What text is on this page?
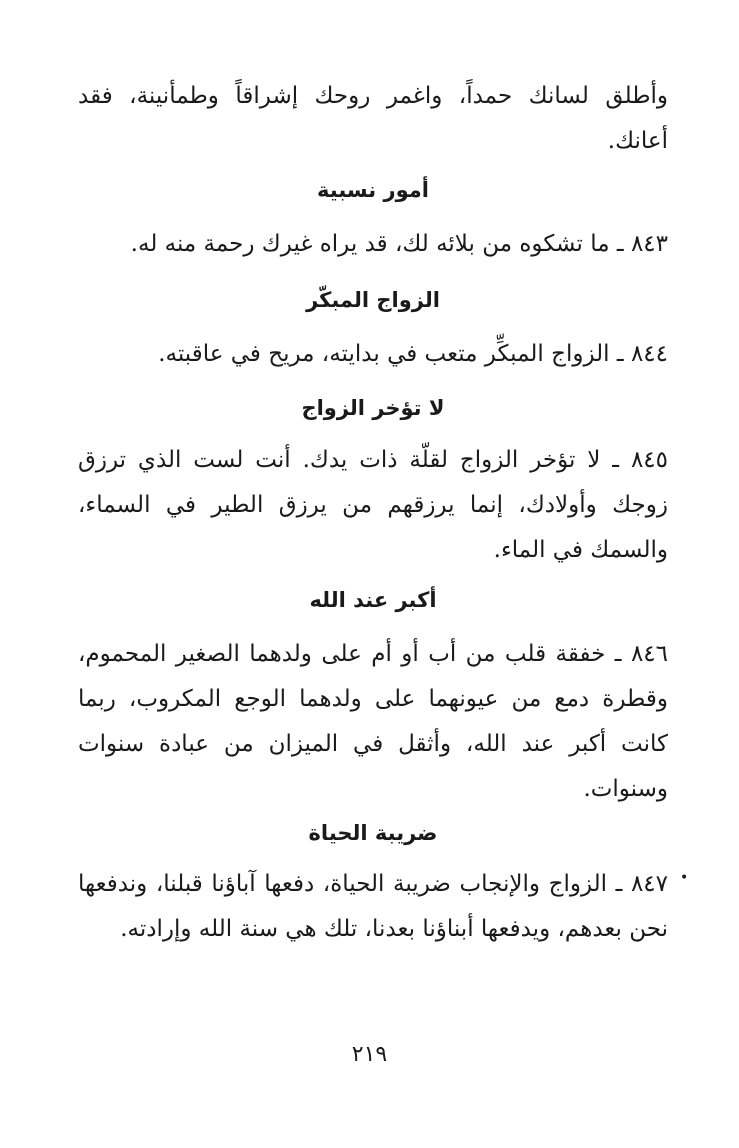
وأطلق لسانك حمداً، واغمر روحك إشراقاً وطمأنينة، فقد أعانك.
أمور نسبية
٨٤٣ ـ ما تشكوه من بلائه لك، قد يراه غيرك رحمة منه له.
الزواج المبكّر
٨٤٤ ـ الزواج المبكِّر متعب في بدايته، مريح في عاقبته.
لا تؤخر الزواج
٨٤٥ ـ لا تؤخر الزواج لقلّة ذات يدك. أنت لست الذي ترزق زوجك وأولادك، إنما يرزقهم من يرزق الطير في السماء، والسمك في الماء.
أكبر عند الله
٨٤٦ ـ خفقة قلب من أب أو أم على ولدهما الصغير المحموم، وقطرة دمع من عيونهما على ولدهما الوجع المكروب، ربما كانت أكبر عند الله، وأثقل في الميزان من عبادة سنوات وسنوات.
ضريبة الحياة
•
٨٤٧ ـ الزواج والإنجاب ضريبة الحياة، دفعها آباؤنا قبلنا، وندفعها نحن بعدهم، ويدفعها أبناؤنا بعدنا، تلك هي سنة الله وإرادته.
٢١٩
